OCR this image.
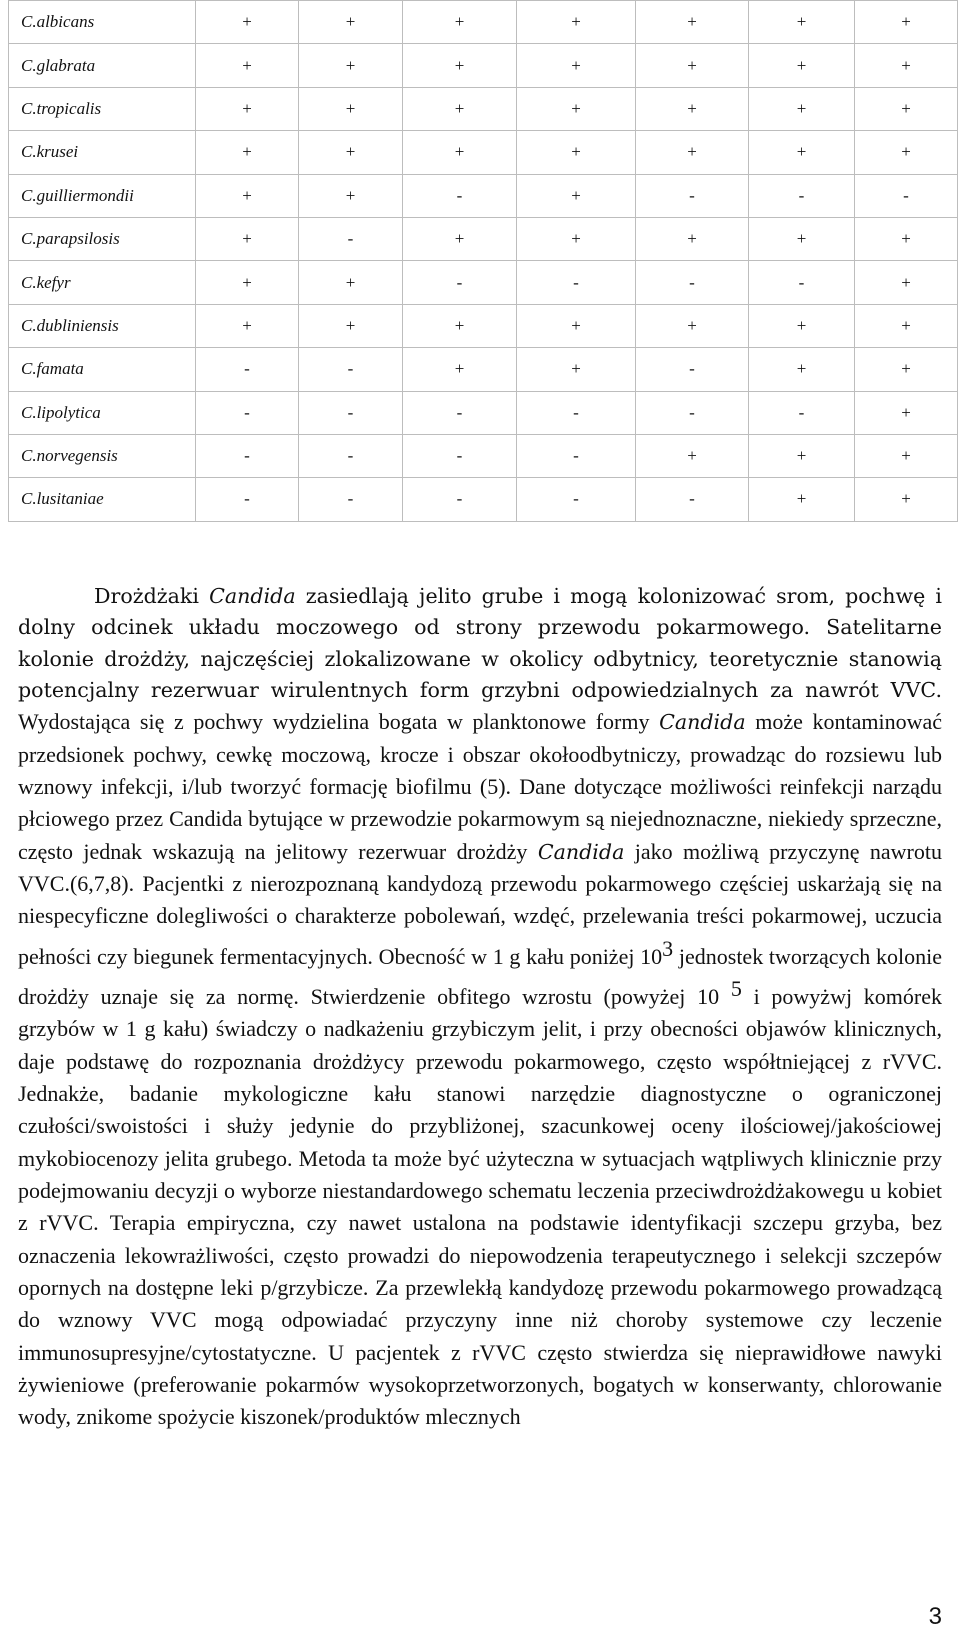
C.albicans	+	+	+	+	+	+	+
C.glabrata	+	+	+	+	+	+	+
C.tropicalis	+	+	+	+	+	+	+
C.krusei	+	+	+	+	+	+	+
C.guilliermondii	+	+	-	+	-	-	-
C.parapsilosis	+	-	+	+	+	+	+
C.kefyr	+	+	-	-	-	-	+
C.dubliniensis	+	+	+	+	+	+	+
C.famata	-	-	+	+	-	+	+
C.lipolytica	-	-	-	-	-	-	+
C.norvegensis	-	-	-	-	+	+	+
C.lusitaniae	-	-	-	-	-	+	+

Drożdżaki Candida zasiedlają jelito grube i mogą kolonizować srom, pochwę i dolny odcinek układu moczowego od strony przewodu pokarmowego. Satelitarne kolonie drożdży, najczęściej zlokalizowane w okolicy odbytnicy, teoretycznie stanowią potencjalny rezerwuar wirulentnych form grzybni odpowiedzialnych za nawrót VVC. Wydostająca się z pochwy wydzielina bogata w planktonowe formy Candida może kontaminować przedsionek pochwy, cewkę moczową, krocze i obszar okołoodbytniczy, prowadząc do rozsiewu lub wznowy infekcji, i/lub tworzyć formację biofilmu (5). Dane dotyczące możliwości reinfekcji narządu płciowego przez Candida bytujące w przewodzie pokarmowym są niejednoznaczne, niekiedy sprzeczne, często jednak wskazują na jelitowy rezerwuar drożdży Candida jako możliwą przyczynę nawrotu VVC.(6,7,8). Pacjentki z nierozpoznaną kandydozą przewodu pokarmowego częściej uskarżają się na niespecyficzne dolegliwości o charakterze pobolewań, wzdęć, przelewania treści pokarmowej, uczucia pełności czy biegunek fermentacyjnych. Obecność w 1 g kału poniżej $10^3$ jednostek tworzących kolonie drożdży uznaje się za normę. Stwierdzenie obfitego wzrostu (powyżej 10 $^5$ i powyżwj komórek grzybów w 1 g kału) świadczy o nadkażeniu grzybiczym jelit, i przy obecności objawów klinicznych, daje podstawę do rozpoznania drożdżycy przewodu pokarmowego, często współtniejącej z rVVC. Jednakże, badanie mykologiczne kału stanowi narzędzie diagnostyczne o ograniczonej czułości/swoistości i służy jedynie do przybliżonej, szacunkowej oceny ilościowej/jakościowej mykobiocenozy jelita grubego. Metoda ta może być użyteczna w sytuacjach wątpliwych klinicznie przy podejmowaniu decyzji o wyborze niestandardowego schematu leczenia przeciwdrożdżakowegu u kobiet z rVVC. Terapia empiryczna, czy nawet ustalona na podstawie identyfikacji szczepu grzyba, bez oznaczenia lekowrażliwości, często prowadzi do niepowodzenia terapeutycznego i selekcji szczepów opornych na dostępne leki p/grzybicze. Za przewlekłą kandydozę przewodu pokarmowego prowadzącą do wznowy VVC mogą odpowiadać przyczyny inne niż choroby systemowe czy leczenie immunosupresyjne/cytostatyczne. U pacjentek z rVVC często stwierdza się nieprawidłowe nawyki żywieniowe (preferowanie pokarmów wysokoprzetworzonych, bogatych w konserwanty, chlorowanie wody, znikome spożycie kiszonek/produktów mlecznych

3
